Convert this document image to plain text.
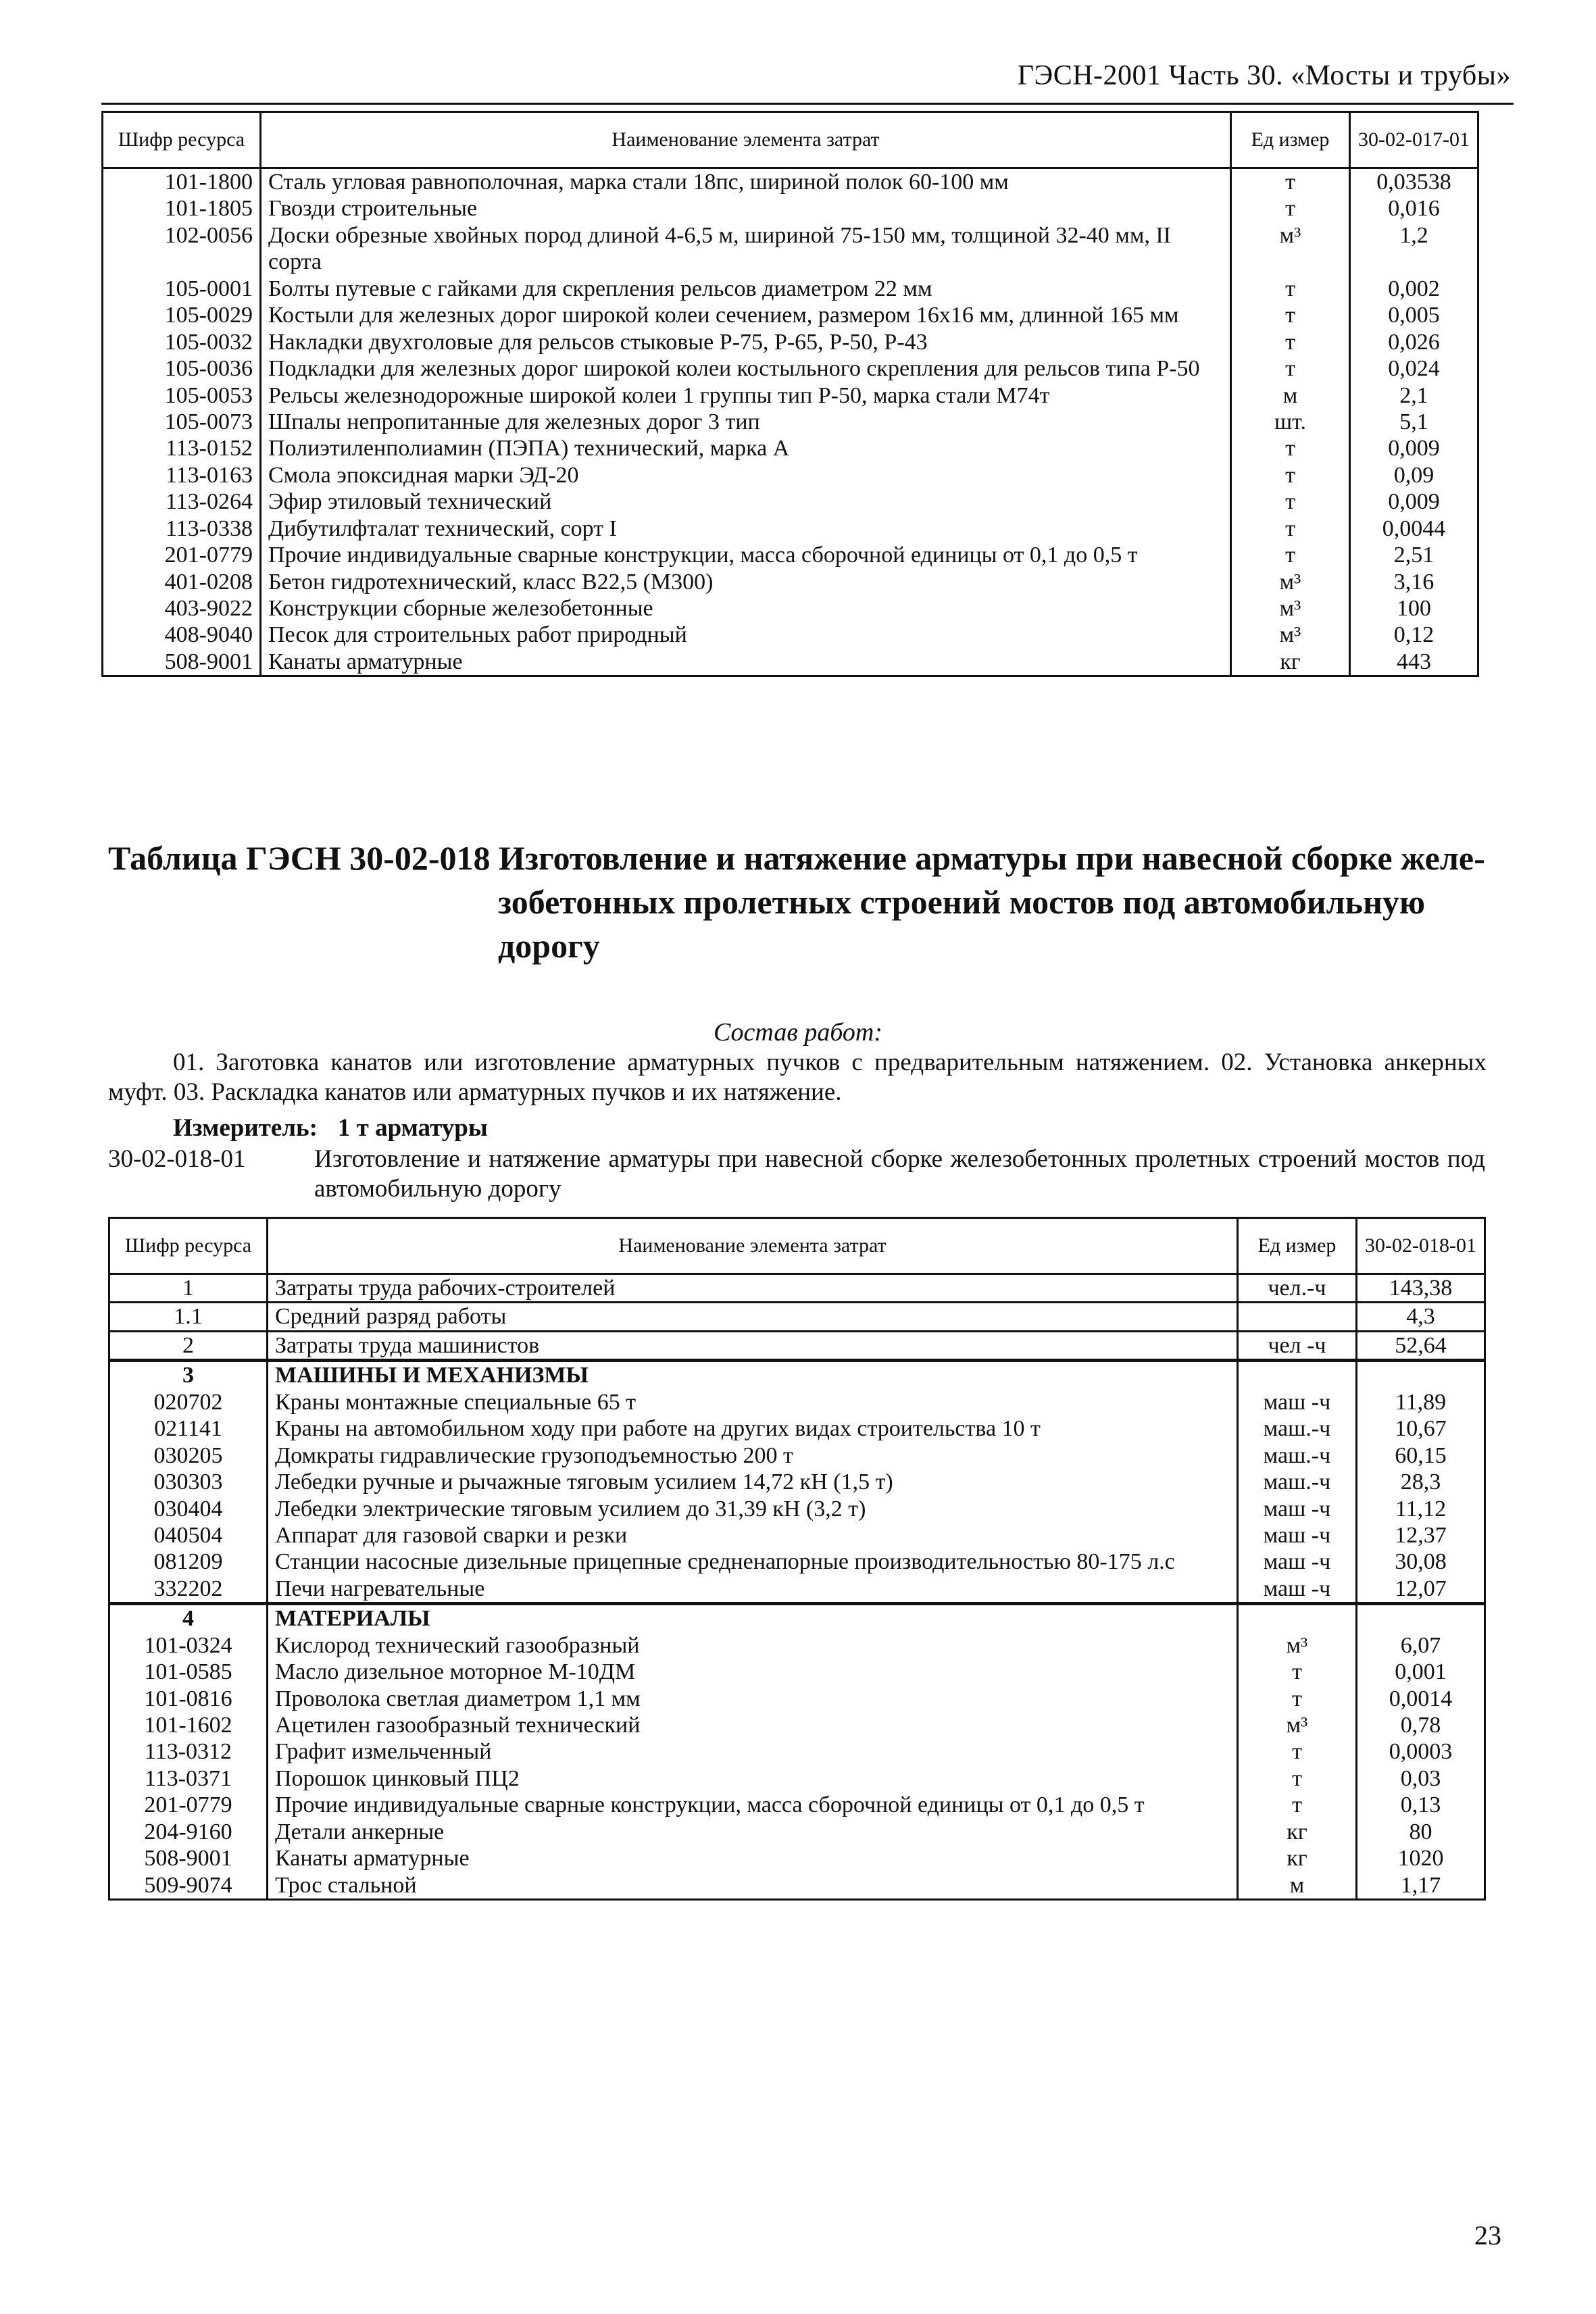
ГЭСН-2001 Часть 30. «Мосты и трубы»
Шифр ресурса	Наименование элемента затрат	Ед измер	30-02-017-01
101-1800	Сталь угловая равнополочная, марка стали 18пс, шириной полок 60-100 мм	т	0,03538
101-1805	Гвозди строительные	т	0,016
102-0056	Доски обрезные хвойных пород длиной 4-6,5 м, шириной 75-150 мм, толщиной 32-40 мм, II сорта	м³	1,2
105-0001	Болты путевые с гайками для скрепления рельсов диаметром 22 мм	т	0,002
105-0029	Костыли для железных дорог широкой колеи сечением, размером 16х16 мм, длинной 165 мм	т	0,005
105-0032	Накладки двухголовые для рельсов стыковые Р-75, Р-65, Р-50, Р-43	т	0,026
105-0036	Подкладки для железных дорог широкой колеи костыльного скрепления для рельсов типа Р-50	т	0,024
105-0053	Рельсы железнодорожные широкой колеи 1 группы тип Р-50, марка стали М74т	м	2,1
105-0073	Шпалы непропитанные для железных дорог 3 тип	шт.	5,1
113-0152	Полиэтиленполиамин (ПЭПА) технический, марка А	т	0,009
113-0163	Смола эпоксидная марки ЭД-20	т	0,09
113-0264	Эфир этиловый технический	т	0,009
113-0338	Дибутилфталат технический, сорт I	т	0,0044
201-0779	Прочие индивидуальные сварные конструкции, масса сборочной единицы от 0,1 до 0,5 т	т	2,51
401-0208	Бетон гидротехнический, класс В22,5 (М300)	м³	3,16
403-9022	Конструкции сборные железобетонные	м³	100
408-9040	Песок для строительных работ природный	м³	0,12
508-9001	Канаты арматурные	кг	443
Таблица ГЭСН 30-02-018 Изготовление и натяжение арматуры при навесной сборке желе-
зобетонных пролетных строений мостов под автомобильную дорогу
Состав работ:
01. Заготовка канатов или изготовление арматурных пучков с предварительным натяжением. 02. Установка анкерных муфт. 03. Раскладка канатов или арматурных пучков и их натяжение.
Измеритель: 1 т арматуры
30-02-018-01	Изготовление и натяжение арматуры при навесной сборке железобетонных пролетных строений мостов под автомобильную дорогу
Шифр ресурса	Наименование элемента затрат	Ед измер	30-02-018-01
1	Затраты труда рабочих-строителей	чел.-ч	143,38
1.1	Средний разряд работы		4,3
2	Затраты труда машинистов	чел -ч	52,64
3	МАШИНЫ И МЕХАНИЗМЫ		
020702	Краны монтажные специальные 65 т	маш -ч	11,89
021141	Краны на автомобильном ходу при работе на других видах строительства 10 т	маш.-ч	10,67
030205	Домкраты гидравлические грузоподъемностью 200 т	маш.-ч	60,15
030303	Лебедки ручные и рычажные тяговым усилием 14,72 кН (1,5 т)	маш.-ч	28,3
030404	Лебедки электрические тяговым усилием до 31,39 кН (3,2 т)	маш -ч	11,12
040504	Аппарат для газовой сварки и резки	маш -ч	12,37
081209	Станции насосные дизельные прицепные средненапорные производительностью 80-175 л.с	маш -ч	30,08
332202	Печи нагревательные	маш -ч	12,07
4	МАТЕРИАЛЫ		
101-0324	Кислород технический газообразный	м³	6,07
101-0585	Масло дизельное моторное М-10ДМ	т	0,001
101-0816	Проволока светлая диаметром 1,1 мм	т	0,0014
101-1602	Ацетилен газообразный технический	м³	0,78
113-0312	Графит измельченный	т	0,0003
113-0371	Порошок цинковый ПЦ2	т	0,03
201-0779	Прочие индивидуальные сварные конструкции, масса сборочной единицы от 0,1 до 0,5 т	т	0,13
204-9160	Детали анкерные	кг	80
508-9001	Канаты арматурные	кг	1020
509-9074	Трос стальной	м	1,17
23
